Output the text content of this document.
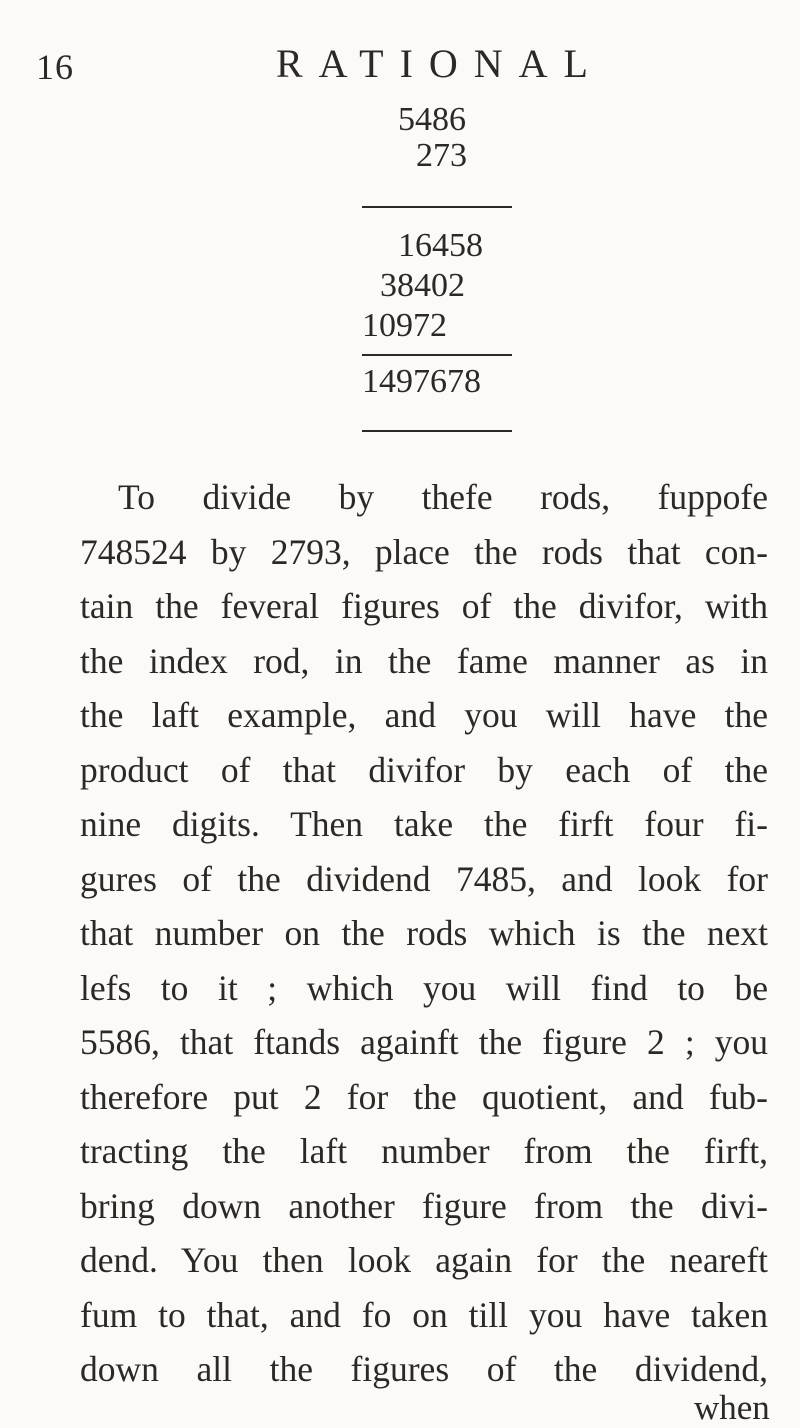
16	RATIONAL
5486
273
16458
38402
10972
1497678
To divide by thefe rods, fuppofe
748524 by 2793, place the rods that con-
tain the feveral figures of the divifor, with
the index rod, in the fame manner as in
the laft example, and you will have the
product of that divifor by each of the
nine digits. Then take the firft four fi-
gures of the dividend 7485, and look for
that number on the rods which is the next
lefs to it ; which you will find to be
5586, that ftands againft the figure 2 ; you
therefore put 2 for the quotient, and fub-
tracting the laft number from the firft,
bring down another figure from the divi-
dend. You then look again for the neareft
fum to that, and fo on till you have taken
down all the figures of the dividend,
when
